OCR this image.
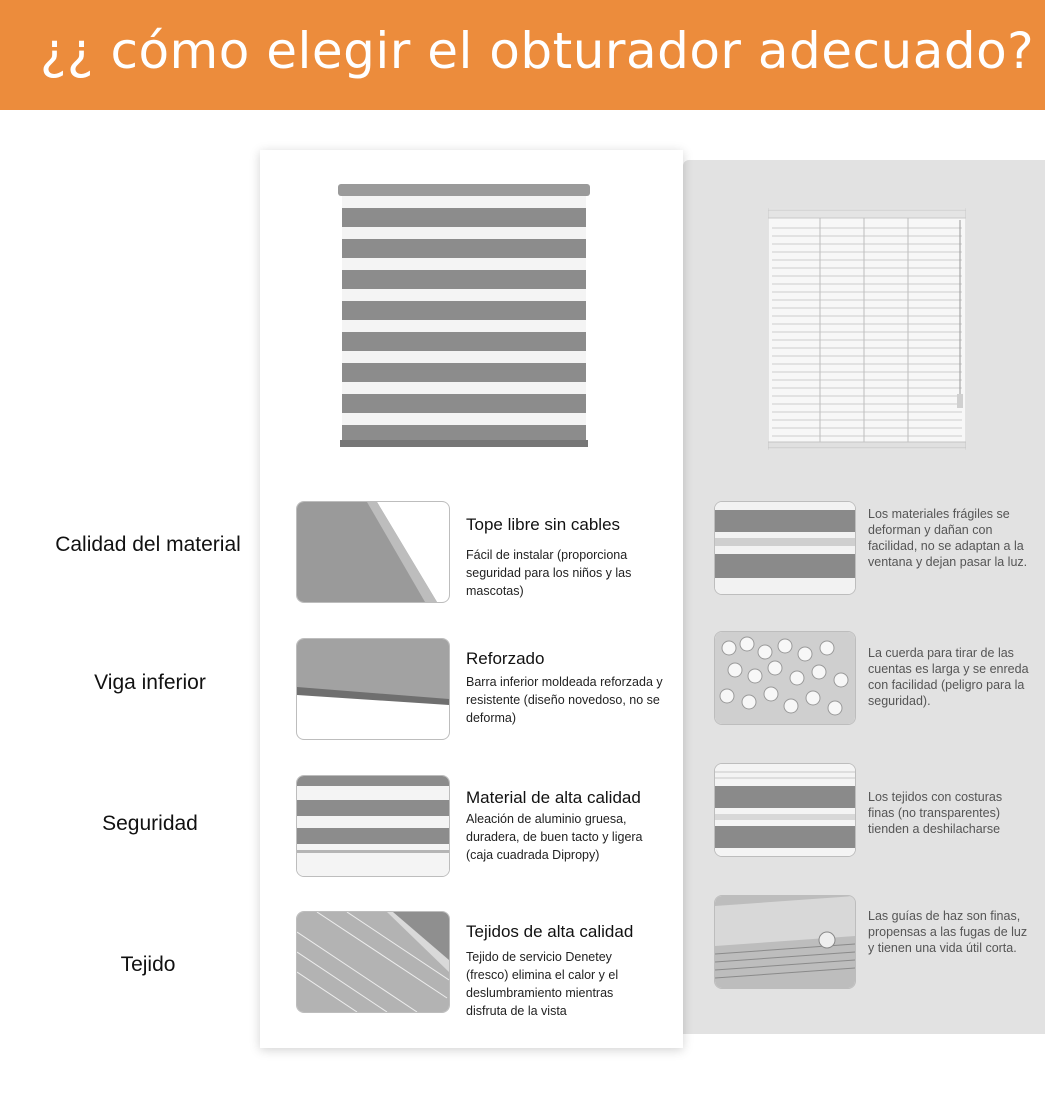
¿¿ cómo elegir el obturador adecuado?
Calidad del material
Viga inferior
Seguridad
Tejido
Tope libre sin cables
Fácil de instalar (proporciona seguridad para los niños y las mascotas)
Reforzado
Barra inferior moldeada reforzada y resistente (diseño novedoso, no se deforma)
Material de alta calidad
Aleación de aluminio gruesa, duradera, de buen tacto y ligera (caja cuadrada Dipropy)
Tejidos de alta calidad
Tejido de servicio Denetey (fresco) elimina el calor y el deslumbramiento mientras disfruta de la vista
Los materiales frágiles se deforman y dañan con facilidad, no se adaptan a la ventana y dejan pasar la luz.
La cuerda para tirar de las cuentas es larga y se enreda con facilidad (peligro para la seguridad).
Los tejidos con costuras finas (no transparentes) tienden a deshilacharse
Las guías de haz son finas, propensas a las fugas de luz y tienen una vida útil corta.
